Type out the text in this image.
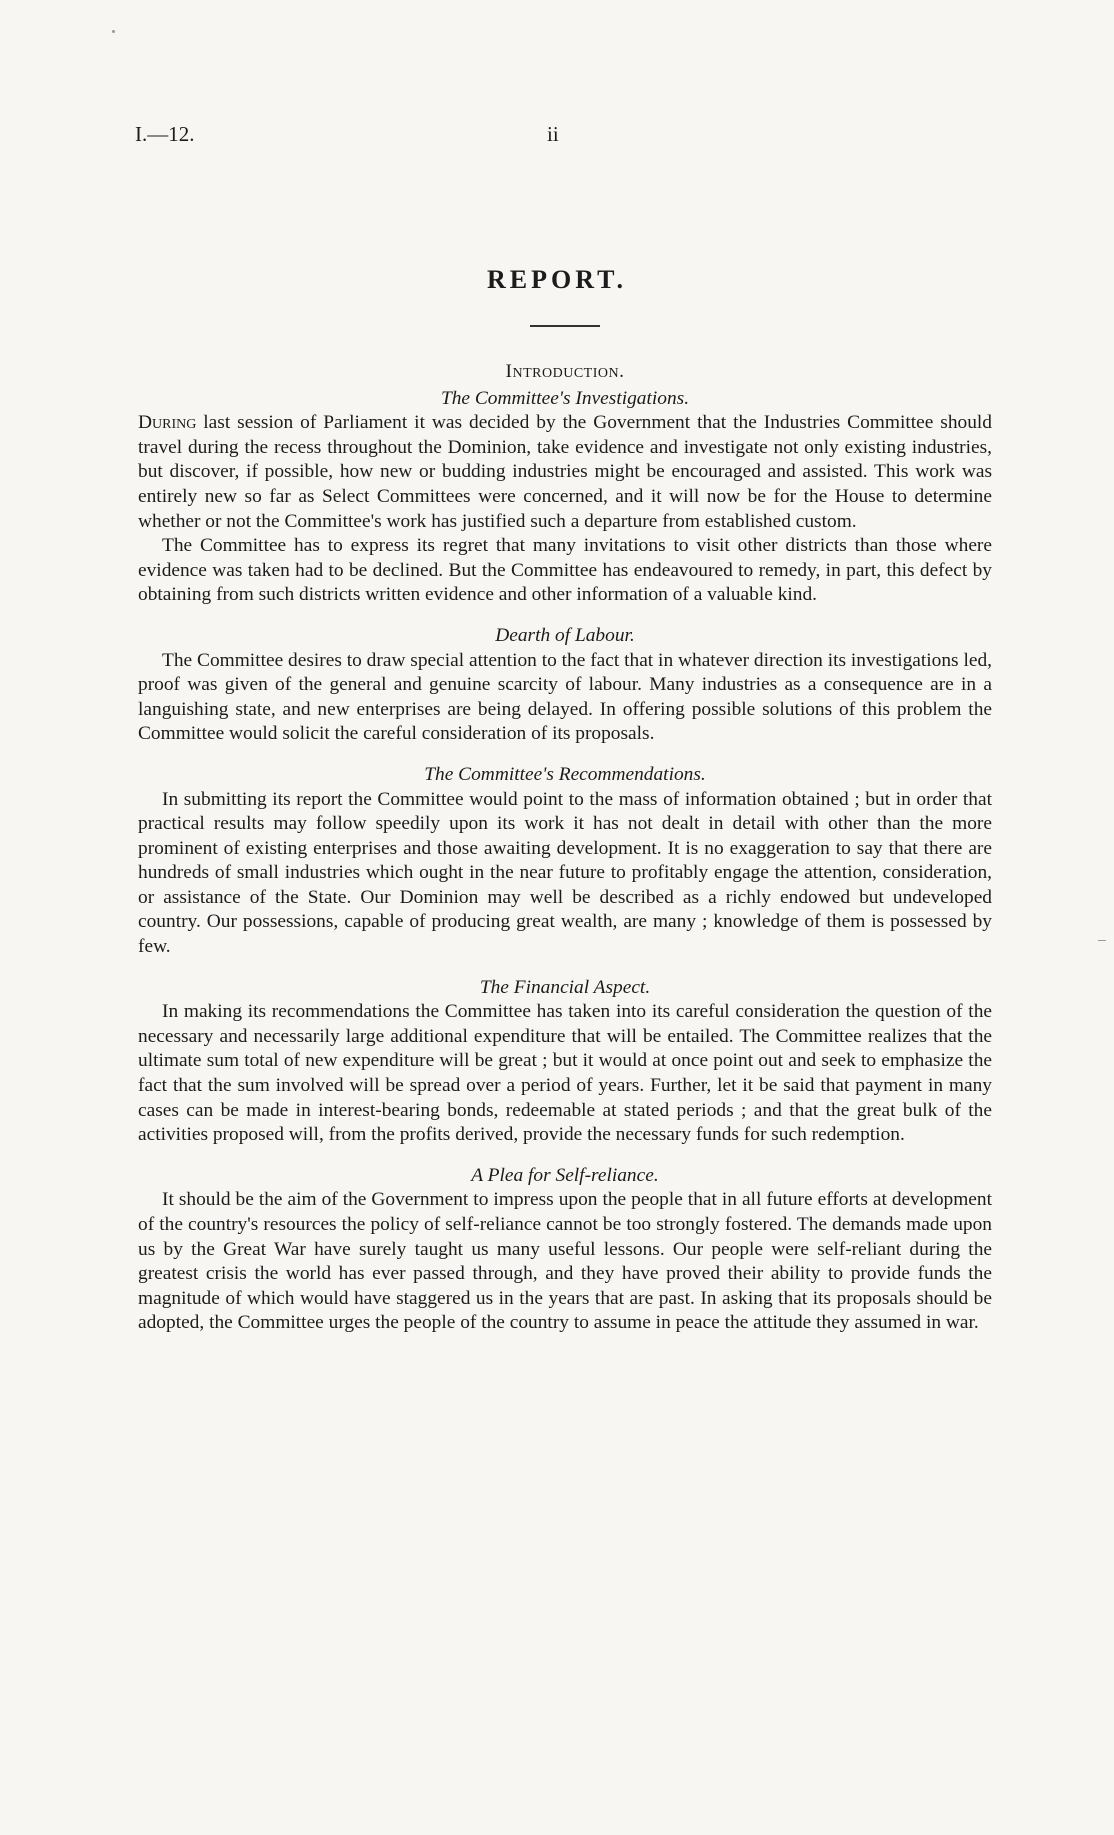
I.—12.	ii
REPORT.
Introduction.
The Committee's Investigations.

During last session of Parliament it was decided by the Government that the Industries Committee should travel during the recess throughout the Dominion, take evidence and investigate not only existing industries, but discover, if possible, how new or budding industries might be encouraged and assisted. This work was entirely new so far as Select Committees were concerned, and it will now be for the House to determine whether or not the Committee's work has justified such a departure from established custom.

The Committee has to express its regret that many invitations to visit other districts than those where evidence was taken had to be declined. But the Committee has endeavoured to remedy, in part, this defect by obtaining from such districts written evidence and other information of a valuable kind.

Dearth of Labour.

The Committee desires to draw special attention to the fact that in whatever direction its investigations led, proof was given of the general and genuine scarcity of labour. Many industries as a consequence are in a languishing state, and new enterprises are being delayed. In offering possible solutions of this problem the Committee would solicit the careful consideration of its proposals.

The Committee's Recommendations.

In submitting its report the Committee would point to the mass of information obtained ; but in order that practical results may follow speedily upon its work it has not dealt in detail with other than the more prominent of existing enterprises and those awaiting development. It is no exaggeration to say that there are hundreds of small industries which ought in the near future to profitably engage the attention, consideration, or assistance of the State. Our Dominion may well be described as a richly endowed but undeveloped country. Our possessions, capable of producing great wealth, are many ; knowledge of them is possessed by few.

The Financial Aspect.

In making its recommendations the Committee has taken into its careful consideration the question of the necessary and necessarily large additional expenditure that will be entailed. The Committee realizes that the ultimate sum total of new expenditure will be great ; but it would at once point out and seek to emphasize the fact that the sum involved will be spread over a period of years. Further, let it be said that payment in many cases can be made in interest-bearing bonds, redeemable at stated periods ; and that the great bulk of the activities proposed will, from the profits derived, provide the necessary funds for such redemption.

A Plea for Self-reliance.

It should be the aim of the Government to impress upon the people that in all future efforts at development of the country's resources the policy of self-reliance cannot be too strongly fostered. The demands made upon us by the Great War have surely taught us many useful lessons. Our people were self-reliant during the greatest crisis the world has ever passed through, and they have proved their ability to provide funds the magnitude of which would have staggered us in the years that are past. In asking that its proposals should be adopted, the Committee urges the people of the country to assume in peace the attitude they assumed in war.
